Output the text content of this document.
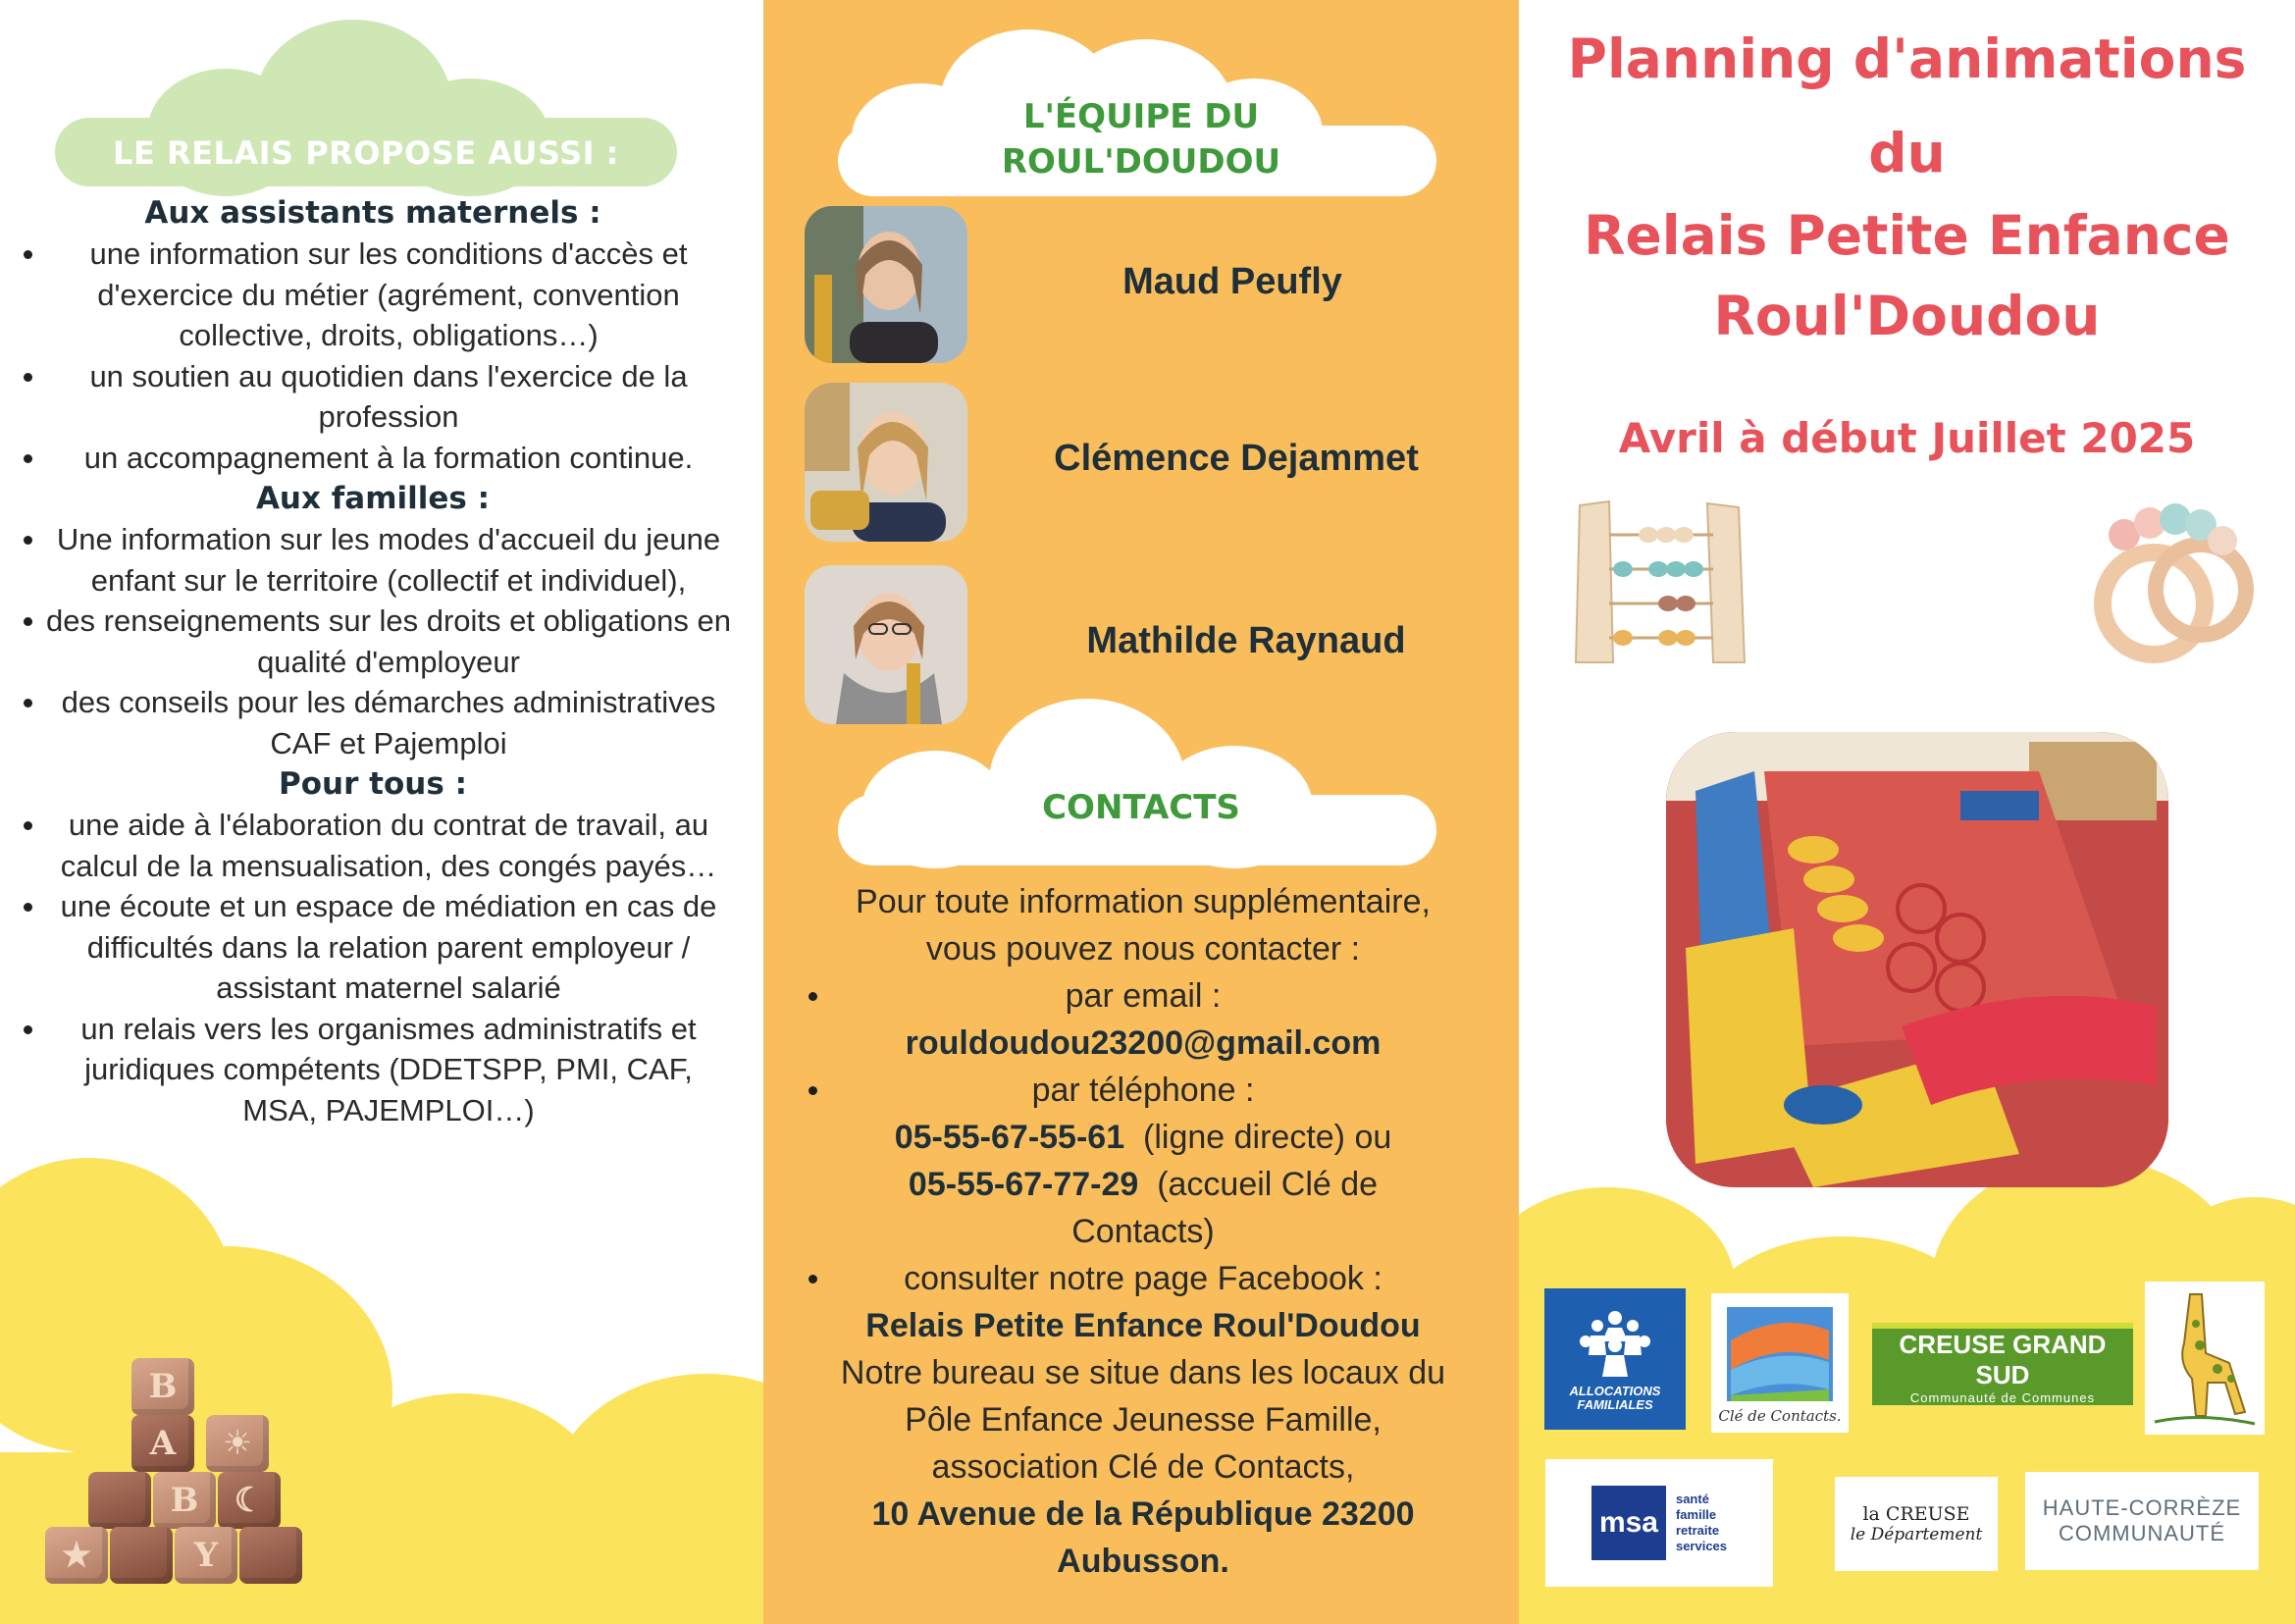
LE RELAIS PROPOSE AUSSI :
Aux assistants maternels :
une information sur les conditions d'accès et d'exercice du métier (agrément, convention collective, droits, obligations…)
un soutien au quotidien dans l'exercice de la profession
un accompagnement à la formation continue.
Aux familles :
Une information sur les modes d'accueil du jeune enfant sur le territoire (collectif et individuel),
des renseignements sur les droits et obligations en qualité d'employeur
des conseils pour les démarches administratives CAF et Pajemploi
Pour tous :
une aide à l'élaboration du contrat de travail, au calcul de la mensualisation, des congés payés…
une écoute et un espace de médiation en cas de difficultés dans la relation parent employeur / assistant maternel salarié
un relais vers les organismes administratifs et juridiques compétents (DDETSPP, PMI, CAF, MSA, PAJEMPLOI…)
B
A	☀
B	☾
★	Y
L'ÉQUIPE DU
ROUL'DOUDOU
Maud Peufly
Clémence Dejammet
Mathilde Raynaud
CONTACTS
Pour toute information supplémentaire,
vous pouvez nous contacter :
par email :
rouldoudou23200@gmail.com
par téléphone :
05-55-67-55-61 (ligne directe) ou
05-55-67-77-29 (accueil Clé de
Contacts)
consulter notre page Facebook :
Relais Petite Enfance Roul'Doudou
Notre bureau se situe dans les locaux du
Pôle Enfance Jeunesse Famille,
association Clé de Contacts,
10 Avenue de la République 23200
Aubusson.
Planning d'animations
du
Relais Petite Enfance
Roul'Doudou
Avril à début Juillet 2025
ALLOCATIONS FAMILIALES
Clé de Contacts.
CREUSE GRAND SUD
Communauté de Communes
msa
santé
famille
retraite
services
la CREUSE
le Département
HAUTE-CORRÈZE
COMMUNAUTÉ
